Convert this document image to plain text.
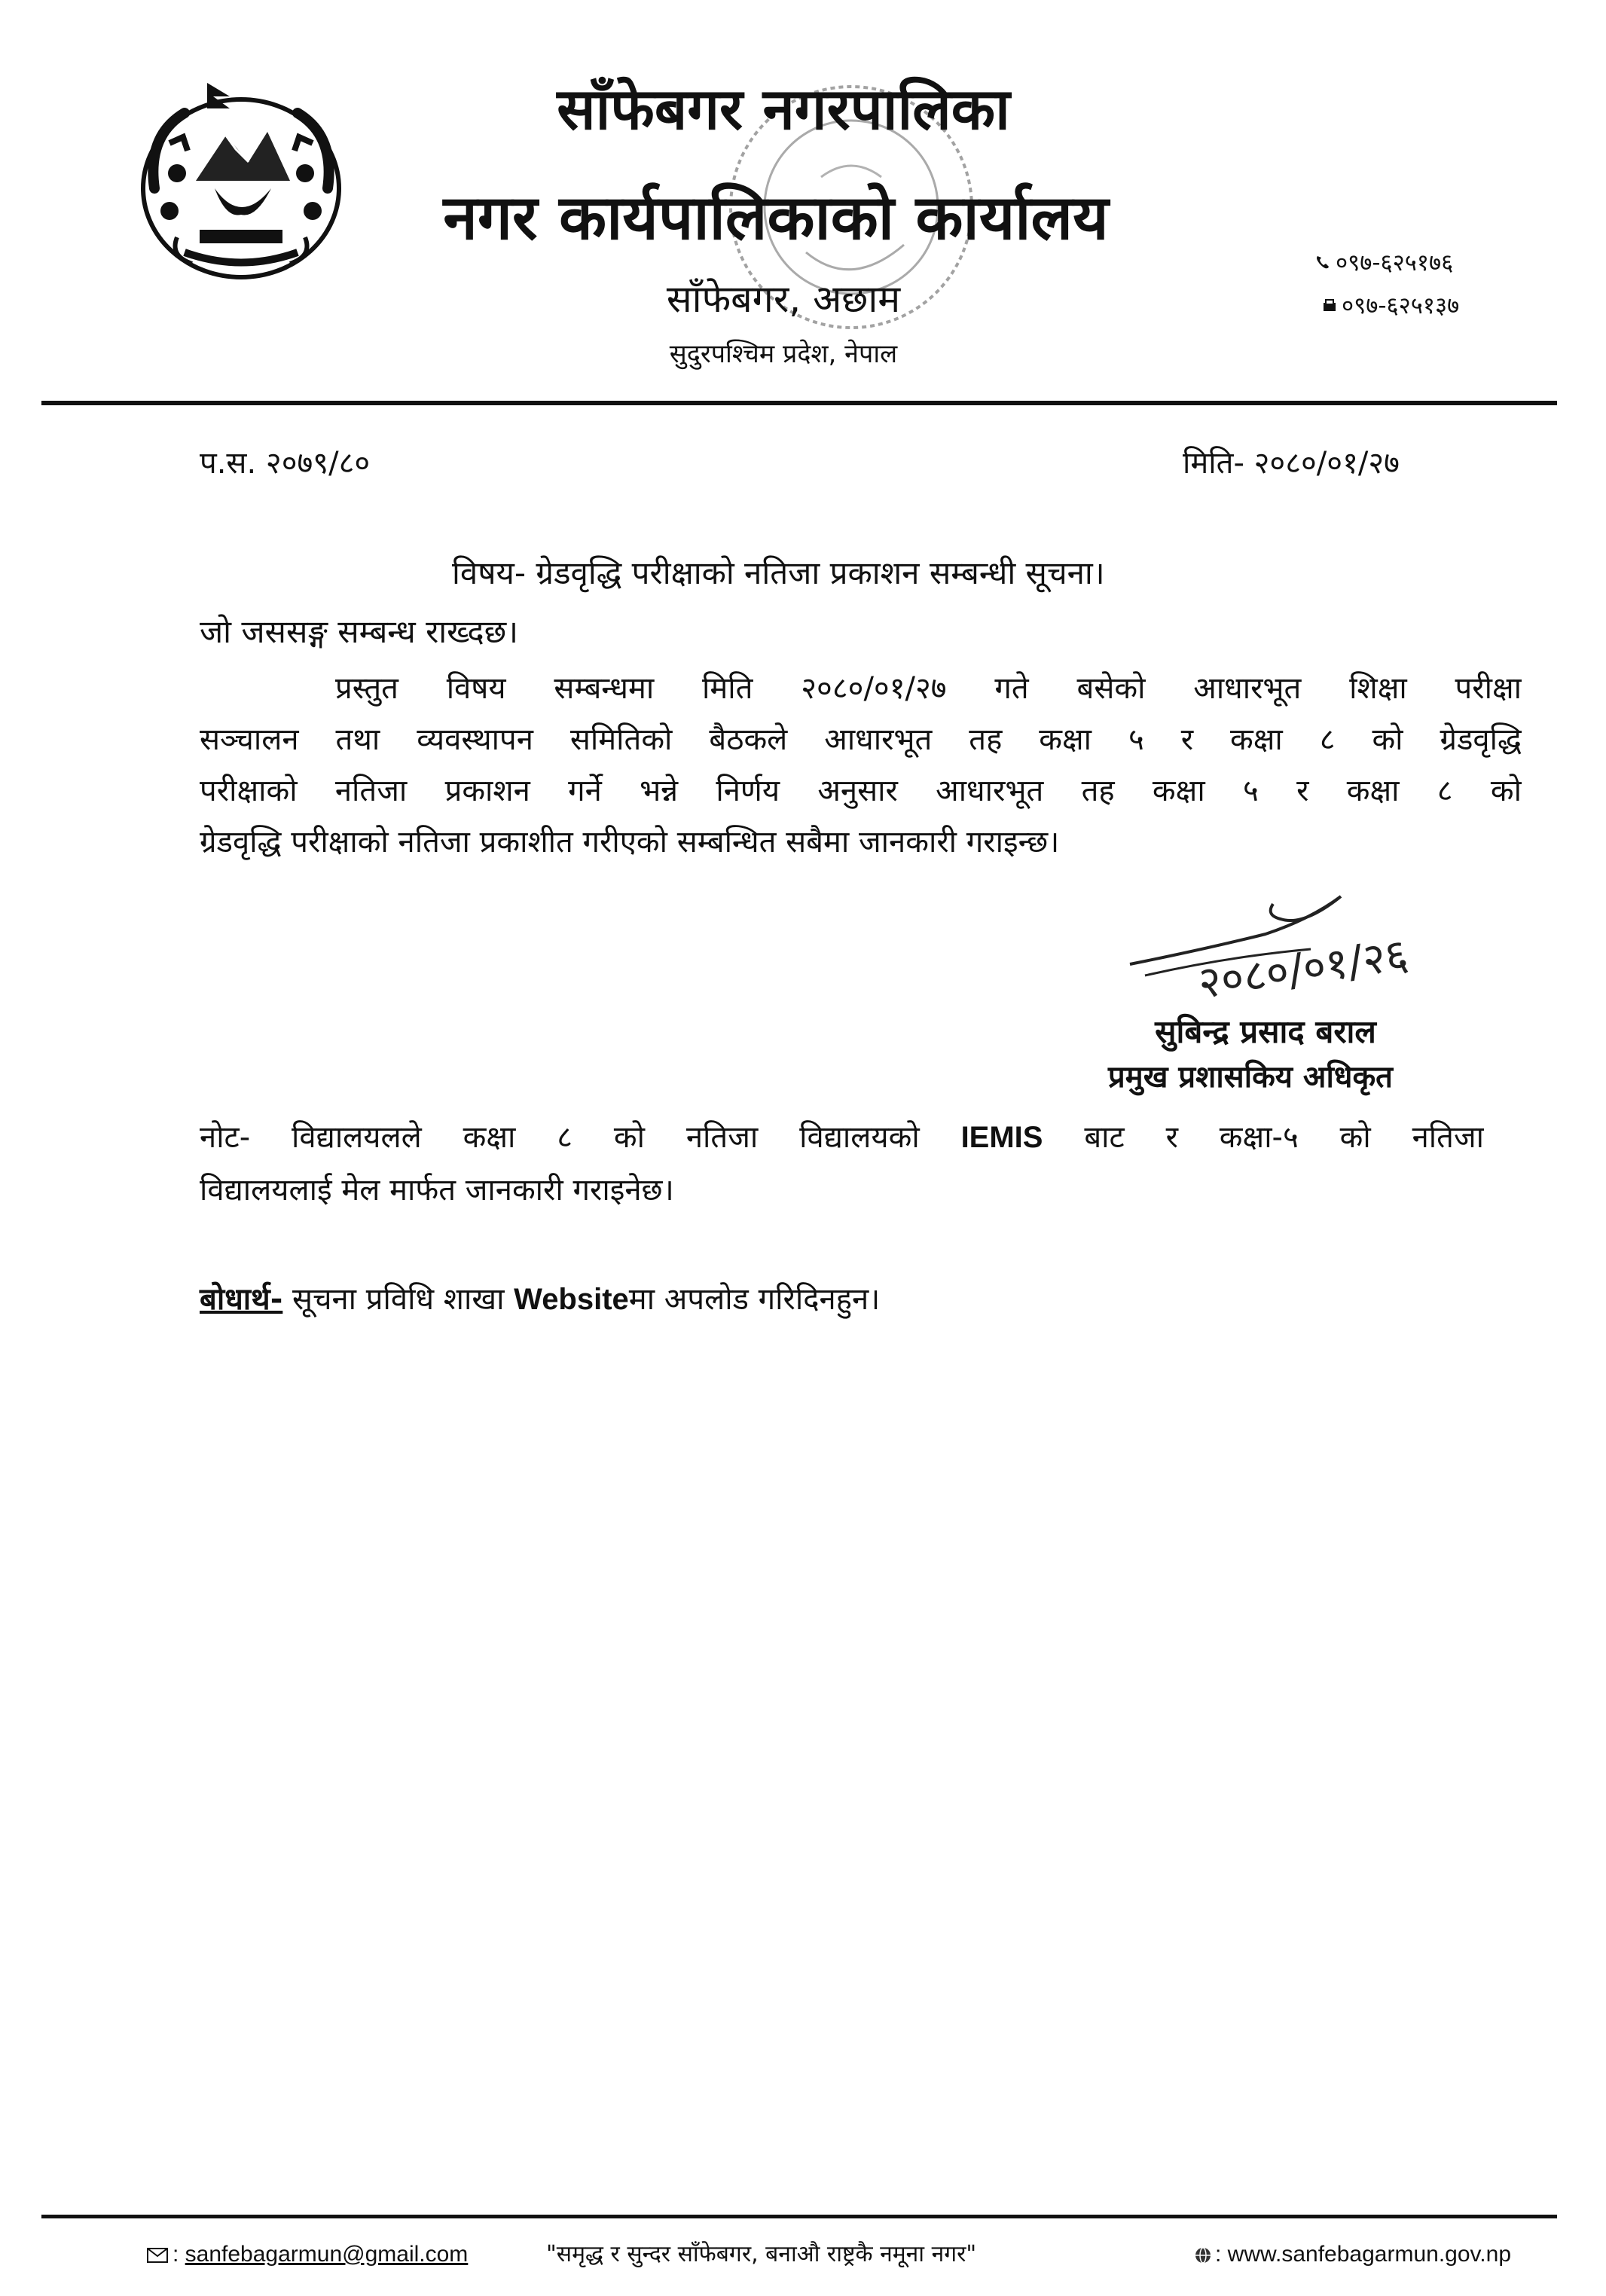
साँफेबगर नगरपालिका
नगर कार्यपालिकाको कार्यालय
साँफेबगर, अछाम
सुदुरपश्चिम प्रदेश, नेपाल
०९७-६२५१७६
०९७-६२५१३७
प.स. २०७९/८०	मिति- २०८०/०१/२७
विषय- ग्रेडवृद्धि परीक्षाको नतिजा प्रकाशन सम्बन्धी सूचना।
जो जससङ्ग सम्बन्ध राख्दछ।
प्रस्तुत विषय सम्बन्धमा मिति २०८०/०१/२७ गते बसेको आधारभूत शिक्षा परीक्षा
सञ्चालन तथा व्यवस्थापन समितिको बैठकले आधारभूत तह कक्षा ५ र कक्षा ८ को ग्रेडवृद्धि
परीक्षाको नतिजा प्रकाशन गर्ने भन्ने निर्णय अनुसार आधारभूत तह कक्षा ५ र कक्षा ८ को
ग्रेडवृद्धि परीक्षाको नतिजा प्रकाशीत गरीएको सम्बन्धित सबैमा जानकारी गराइन्छ।
२०८०/०१/२६
सुबिन्द्र प्रसाद बराल
प्रमुख प्रशासकिय अधिकृत
नोट- विद्यालयलले कक्षा ८ को नतिजा विद्यालयको IEMIS बाट र कक्षा-५ को नतिजा
विद्यालयलाई मेल मार्फत जानकारी गराइनेछ।
बोधार्थ- सूचना प्रविधि शाखा Websiteमा अपलोड गरिदिनहुन।
: sanfebagarmun@gmail.com	"समृद्ध र सुन्दर साँफेबगर, बनाऔ राष्ट्रकै नमूना नगर"	: www.sanfebagarmun.gov.np
